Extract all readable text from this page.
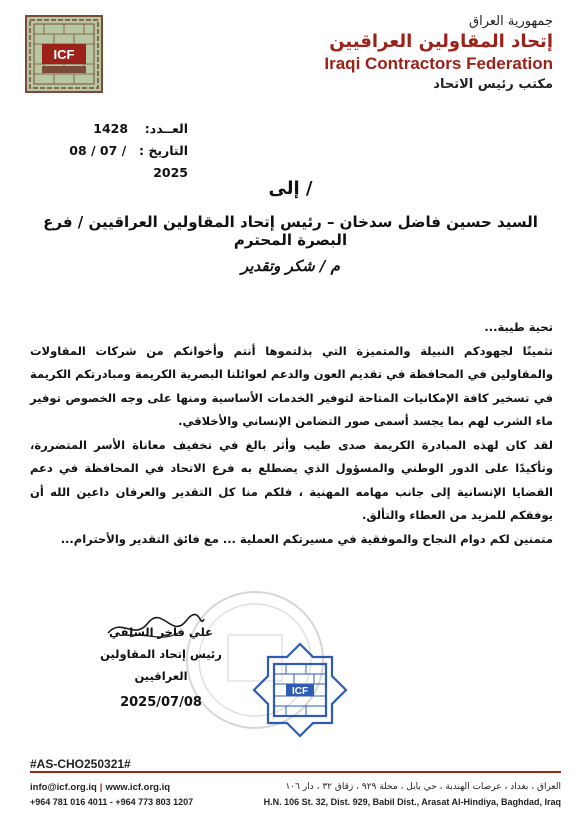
ICF
جمهورية العراق
إتحاد المقاولين العراقيين
Iraqi Contractors Federation
مكتب رئيس الاتحاد
العــدد:  1428
التاريخ :  08 / 07 / 2025
إلى /
السيد حسين فاضل سدخان – رئيس إتحاد المقاولين العراقيين / فرع البصرة المحترم
م / شكر وتقدير

تحية طيبة...

تثمينًا لجهودكم النبيلة والمتميزة التي بذلتموها أنتم وأخوانكم من شركات المقاولات والمقاولين في المحافظة في تقديم العون والدعم لعوائلنا البصرية الكريمة ومبادرتكم الكريمة في تسخير كافة الإمكانيات المتاحة لتوفير الخدمات الأساسية ومنها على وجه الخصوص توفير ماء الشرب لهم بما يجسد أسمى صور التضامن الإنساني والأخلاقي.

لقد كان لهذه المبادرة الكريمة صدى طيب وأثر بالغ في تخفيف معاناة الأسر المتضررة، وتأكيدًا على الدور الوطني والمسؤول الذي يضطلع به فرع الاتحاد في المحافظة في دعم القضايا الإنسانية إلى جانب مهامه المهنية ، فلكم منا كل التقدير والعرفان داعين الله أن يوفقكم للمزيد من العطاء والتألق.

متمنين لكم دوام النجاح والموفقية في مسيرتكم العملية ... مع فائق التقدير والأحترام...

ICF
علي فاخر السلفي
رئيس إتحاد المقاولين العراقيين
2025/07/08
#AS-CHO250321#
info@icf.org.iq | www.icf.org.iq
+964 781 016 4011 - +964 773 803 1207
العراق ، بغداد ، عرصات الهندية ، حي بابل ، محلة ٩٢٩ ، زقاق ٣٢ ، دار ١٠٦
H.N. 106 St. 32, Dist. 929, Babil Dist., Arasat Al-Hindiya, Baghdad, Iraq
